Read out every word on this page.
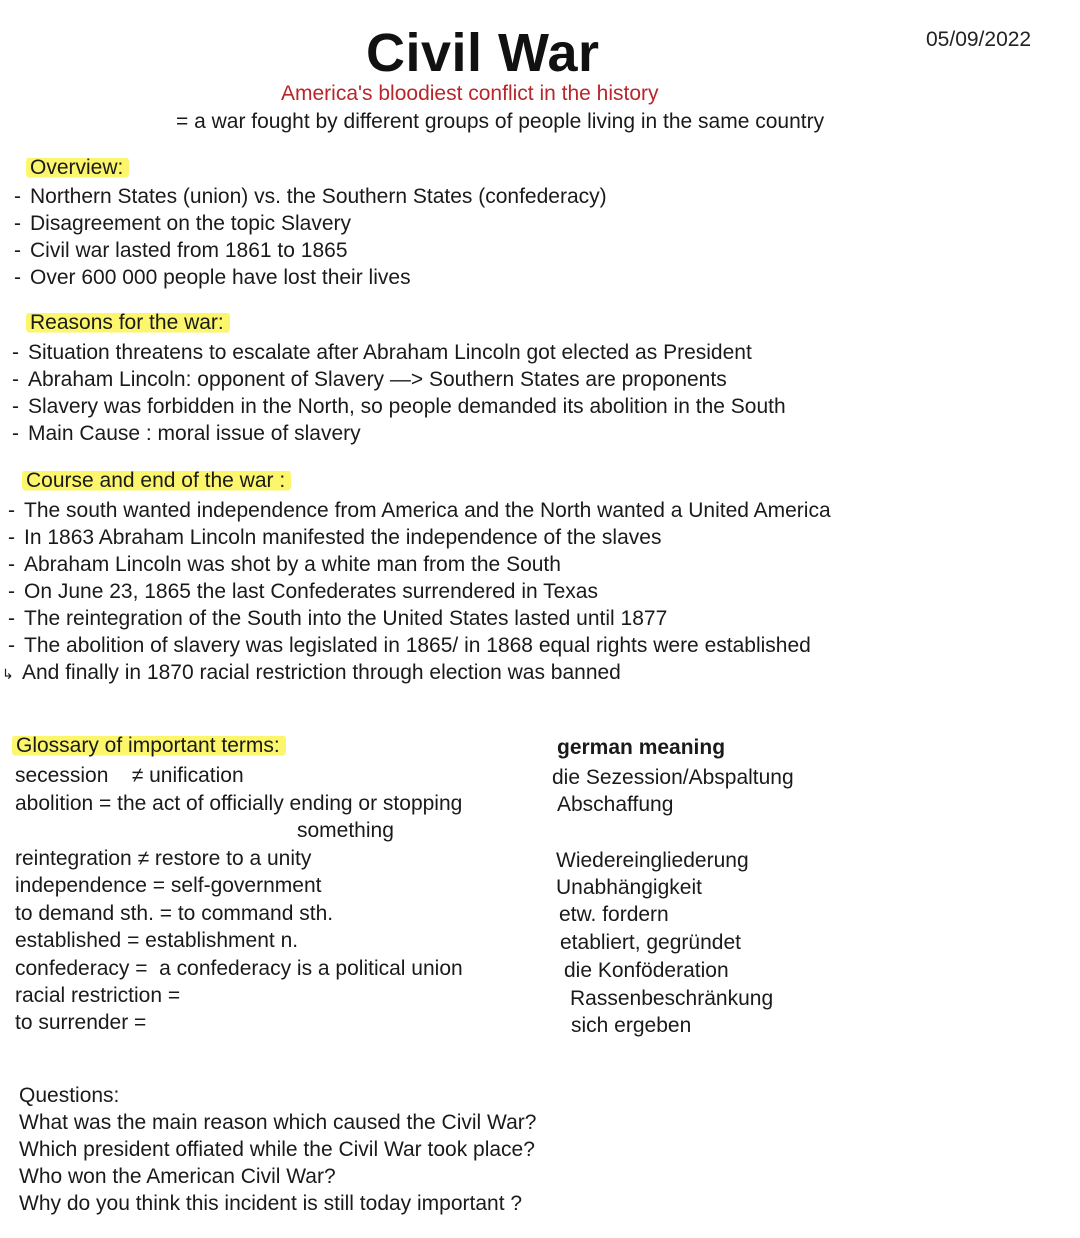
Civil War	05/09/2022
America's bloodiest conflict in the history
= a war fought by different groups of people living in the same country
Overview:
- Northern States (union) vs. the Southern States (confederacy)
- Disagreement on the topic Slavery
- Civil war lasted from 1861 to 1865
- Over 600 000 people have lost their lives
Reasons for the war:
- Situation threatens to escalate after Abraham Lincoln got elected as President
- Abraham Lincoln: opponent of Slavery —> Southern States are proponents
- Slavery was forbidden in the North, so people demanded its abolition in the South
- Main Cause : moral issue of slavery
Course and end of the war :
- The south wanted independence from America and the North wanted a United America
- In 1863 Abraham Lincoln manifested the independence of the slaves
- Abraham Lincoln was shot by a white man from the South
- On June 23, 1865 the last Confederates surrendered in Texas
- The reintegration of the South into the United States lasted until 1877
- The abolition of slavery was legislated in 1865/ in 1868 equal rights were established
↳ And finally in 1870 racial restriction through election was banned
Glossary of important terms:	german meaning
secession    ≠ unification
abolition = the act of officially ending or stopping
something
reintegration ≠ restore to a unity
independence = self-government
to demand sth. = to command sth.
established = establishment n.
confederacy =  a confederacy is a political union
racial restriction =
to surrender =
die Sezession/Abspaltung
Abschaffung
Wiedereingliederung
Unabhängigkeit
etw. fordern
etabliert, gegründet
die Konföderation
Rassenbeschränkung
sich ergeben
Questions:
What was the main reason which caused the Civil War?
Which president offiated while the Civil War took place?
Who won the American Civil War?
Why do you think this incident is still today important ?
